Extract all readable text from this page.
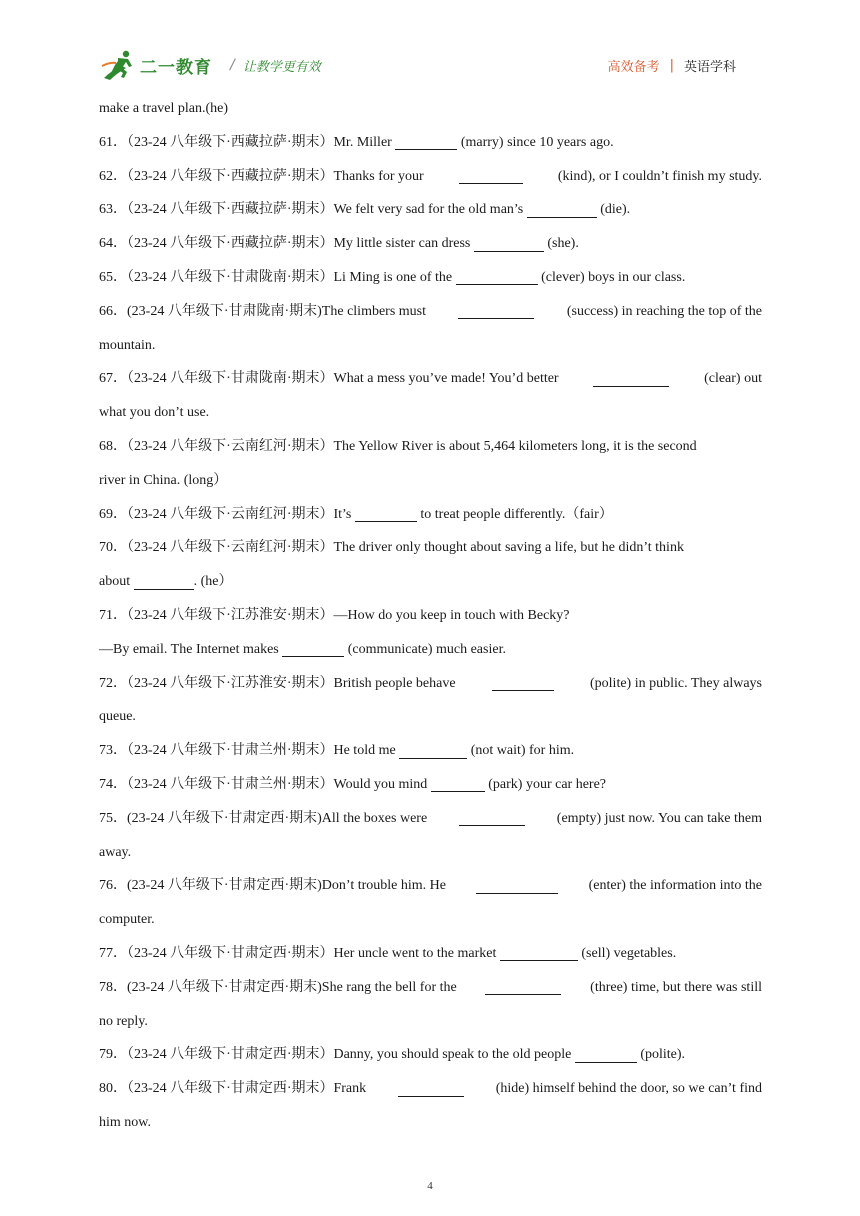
二一教育 / 让教学更有效	高效备考 | 英语学科
make a travel plan.(he)
61．（23-24 八年级下·西藏拉萨·期末）Mr. Miller	(marry) since 10 years ago.
62．（23-24 八年级下·西藏拉萨·期末）Thanks for your	(kind), or I couldn’t finish my study.
63．（23-24 八年级下·西藏拉萨·期末）We felt very sad for the old man’s	(die).
64．（23-24 八年级下·西藏拉萨·期末）My little sister can dress	(she).
65．（23-24 八年级下·甘肃陇南·期末）Li Ming is one of the	(clever) boys in our class.
66．(23-24 八年级下·甘肃陇南·期末)The climbers must	(success) in reaching the top of the
mountain.
67．（23-24 八年级下·甘肃陇南·期末）What a mess you’ve made! You’d better	(clear) out
what you don’t use.
68．（23-24 八年级下·云南红河·期末）The Yellow River is about 5,464 kilometers long, it is the second
river in China. (long）
69．（23-24 八年级下·云南红河·期末）It’s	to treat people differently.（fair）
70．（23-24 八年级下·云南红河·期末）The driver only thought about saving a life, but he didn’t think
about	. (he）
71．（23-24 八年级下·江苏淮安·期末）—How do you keep in touch with Becky?
—By email. The Internet makes	(communicate) much easier.
72．（23-24 八年级下·江苏淮安·期末）British people behave	(polite) in public. They always
queue.
73．（23-24 八年级下·甘肃兰州·期末）He told me	(not wait) for him.
74．（23-24 八年级下·甘肃兰州·期末）Would you mind	(park) your car here?
75．(23-24 八年级下·甘肃定西·期末)All the boxes were	(empty) just now. You can take them
away.
76．(23-24 八年级下·甘肃定西·期末)Don’t trouble him. He	(enter) the information into the
computer.
77．（23-24 八年级下·甘肃定西·期末）Her uncle went to the market	(sell) vegetables.
78．(23-24 八年级下·甘肃定西·期末)She rang the bell for the	(three) time, but there was still
no reply.
79．（23-24 八年级下·甘肃定西·期末）Danny, you should speak to the old people	(polite).
80．（23-24 八年级下·甘肃定西·期末）Frank	(hide) himself behind the door, so we can’t find
him now.
4
